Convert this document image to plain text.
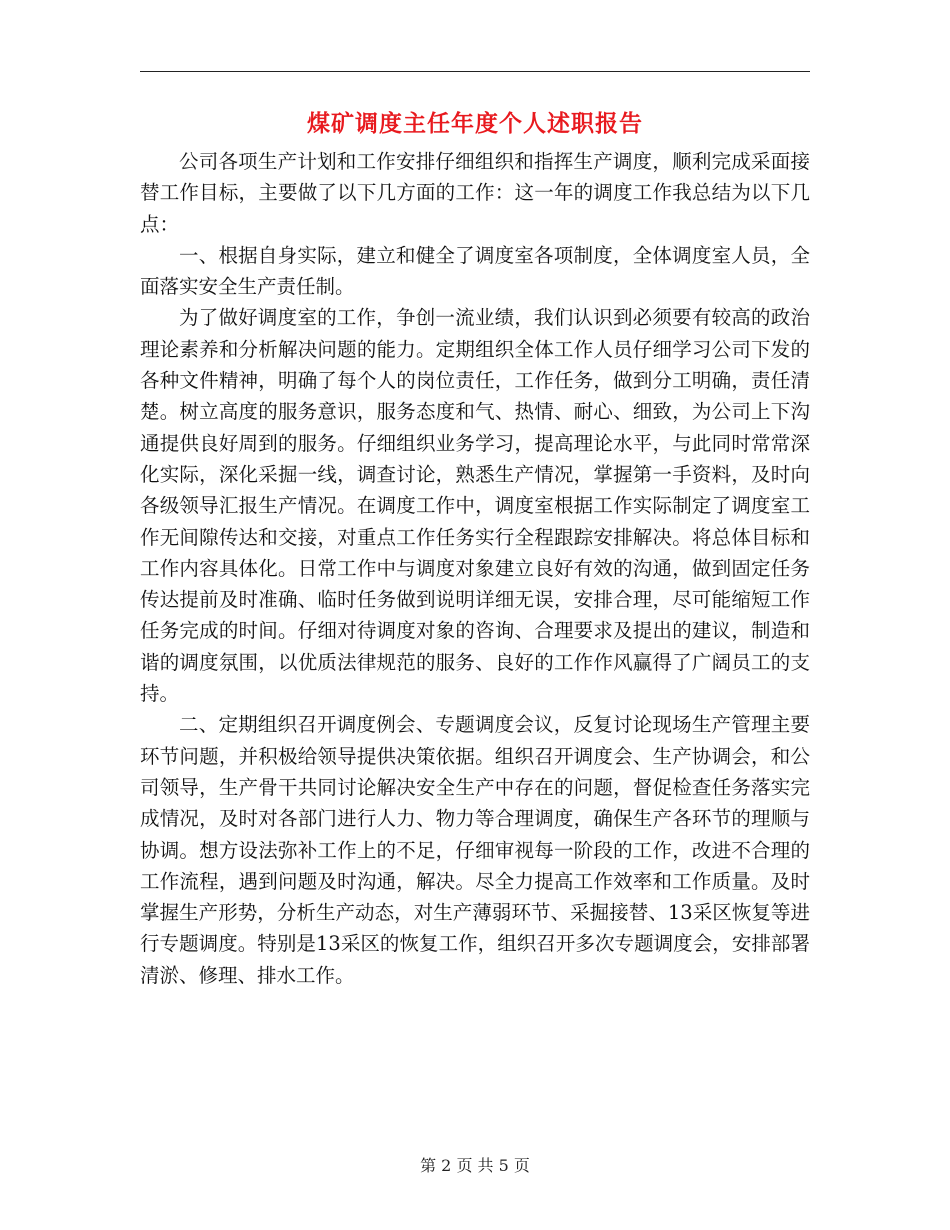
煤矿调度主任年度个人述职报告

公司各项生产计划和工作安排仔细组织和指挥生产调度，顺利完成采面接替工作目标，主要做了以下几方面的工作：这一年的调度工作我总结为以下几点：

一、根据自身实际，建立和健全了调度室各项制度，全体调度室人员，全面落实安全生产责任制。

为了做好调度室的工作，争创一流业绩，我们认识到必须要有较高的政治理论素养和分析解决问题的能力。定期组织全体工作人员仔细学习公司下发的各种文件精神，明确了每个人的岗位责任，工作任务，做到分工明确，责任清楚。树立高度的服务意识，服务态度和气、热情、耐心、细致，为公司上下沟通提供良好周到的服务。仔细组织业务学习，提高理论水平，与此同时常常深化实际，深化采掘一线，调查讨论，熟悉生产情况，掌握第一手资料，及时向各级领导汇报生产情况。在调度工作中，调度室根据工作实际制定了调度室工作无间隙传达和交接，对重点工作任务实行全程跟踪安排解决。将总体目标和工作内容具体化。日常工作中与调度对象建立良好有效的沟通，做到固定任务传达提前及时准确、临时任务做到说明详细无误，安排合理，尽可能缩短工作任务完成的时间。仔细对待调度对象的咨询、合理要求及提出的建议，制造和谐的调度氛围，以优质法律规范的服务、良好的工作作风赢得了广阔员工的支持。

二、定期组织召开调度例会、专题调度会议，反复讨论现场生产管理主要环节问题，并积极给领导提供决策依据。组织召开调度会、生产协调会，和公司领导，生产骨干共同讨论解决安全生产中存在的问题，督促检查任务落实完成情况，及时对各部门进行人力、物力等合理调度，确保生产各环节的理顺与协调。想方设法弥补工作上的不足，仔细审视每一阶段的工作，改进不合理的工作流程，遇到问题及时沟通，解决。尽全力提高工作效率和工作质量。及时掌握生产形势，分析生产动态，对生产薄弱环节、采掘接替、13采区恢复等进行专题调度。特别是13采区的恢复工作，组织召开多次专题调度会，安排部署清淤、修理、排水工作。

第 2 页 共 5 页
